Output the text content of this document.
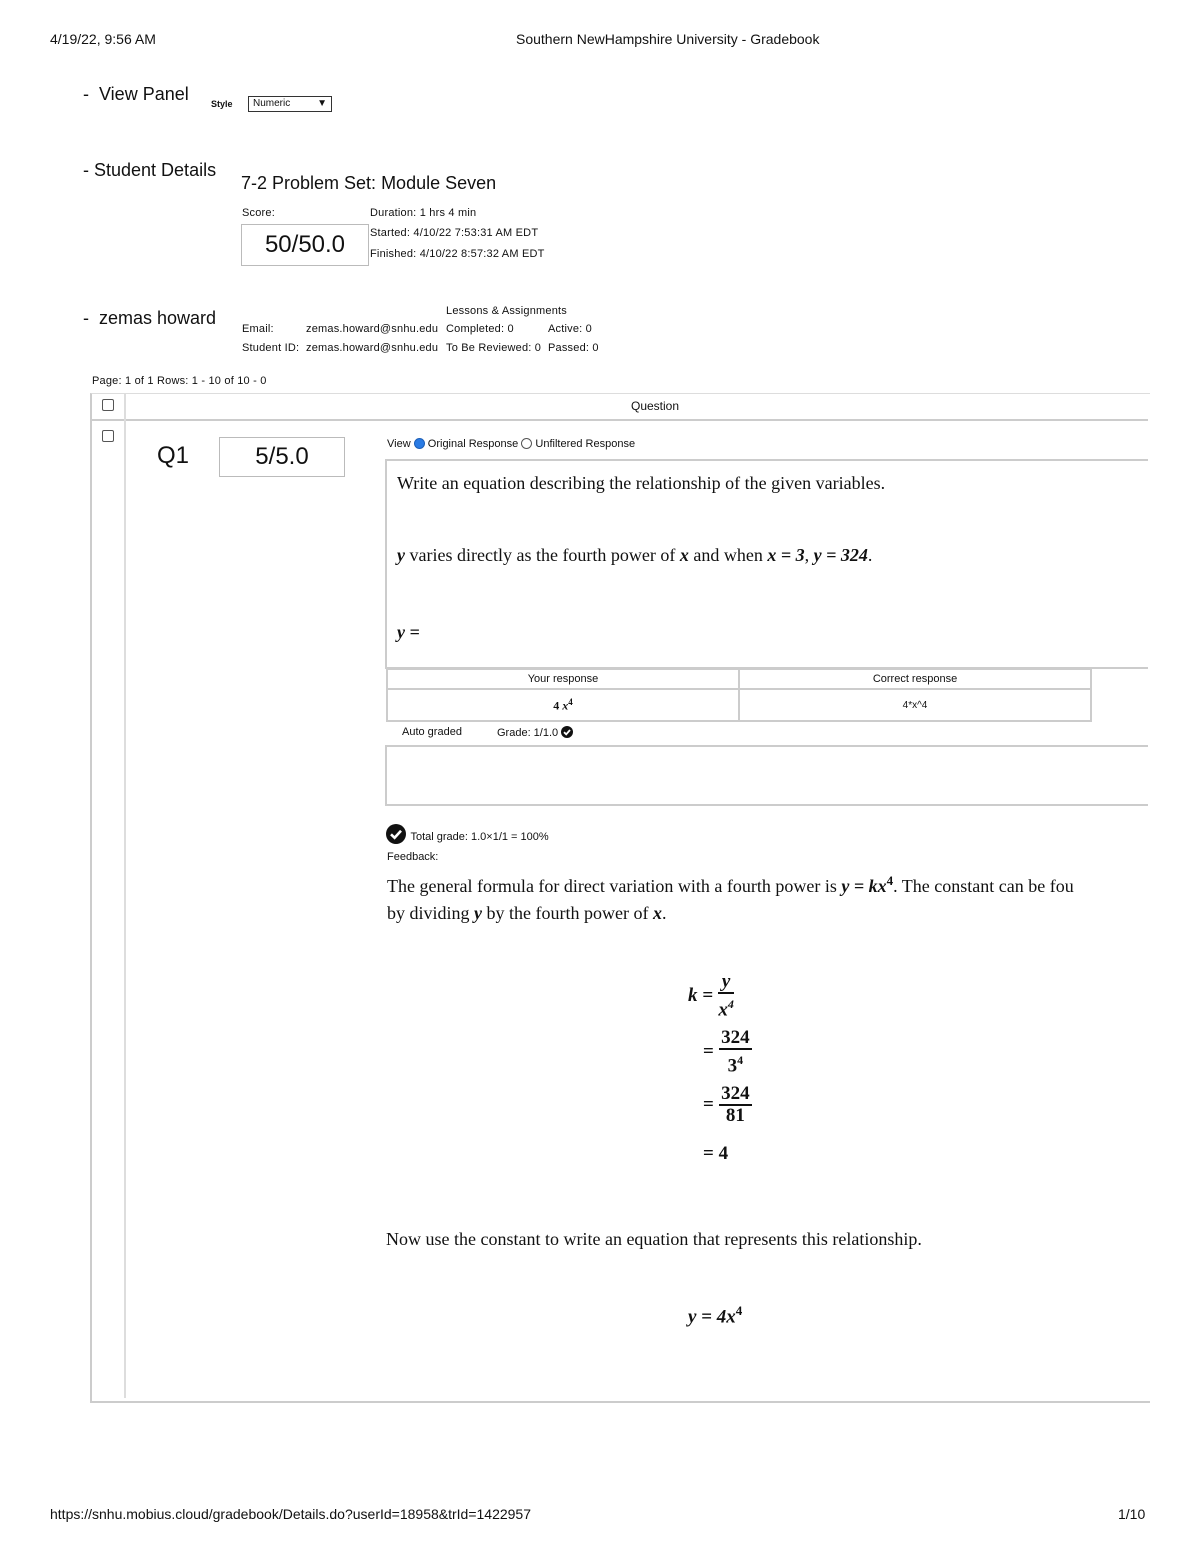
4/19/22, 9:56 AM	Southern NewHampshire University - Gradebook
-  View Panel Style	Numeric	▼
- Student Details
7-2 Problem Set: Module Seven
Score:
50/50.0
Duration: 1 hrs 4 min
Started: 4/10/22 7:53:31 AM EDT
Finished: 4/10/22 8:57:32 AM EDT
-  zemas howard	Lessons & Assignments
Email:	zemas.howard@snhu.edu Completed: 0	Active: 0
Student ID: zemas.howard@snhu.edu To Be Reviewed: 0 Passed: 0
Page: 1 of 1 Rows: 1 - 10 of 10 - 0
Question
Q1	5/5.0	View Original Response Unfiltered Response
Write an equation describing the relationship of the given variables.
y varies directly as the fourth power of x and when x = 3, y = 324.
y =
Your response	Correct response
4 $x^4$	4*x^4
Auto graded	Grade: 1/1.0
Total grade: 1.0×1/1 = 100%
Feedback:
The general formula for direct variation with a fourth power is $y = kx^4$. The constant can be fou
by dividing y by the fourth power of x.
$k = \frac{y}{x^4}$
= $\frac{324}{3^4}$
= $\frac{324}{81}$
= 4
Now use the constant to write an equation that represents this relationship.
$y = 4x^4$
https://snhu.mobius.cloud/gradebook/Details.do?userId=18958&trId=1422957	1/10
